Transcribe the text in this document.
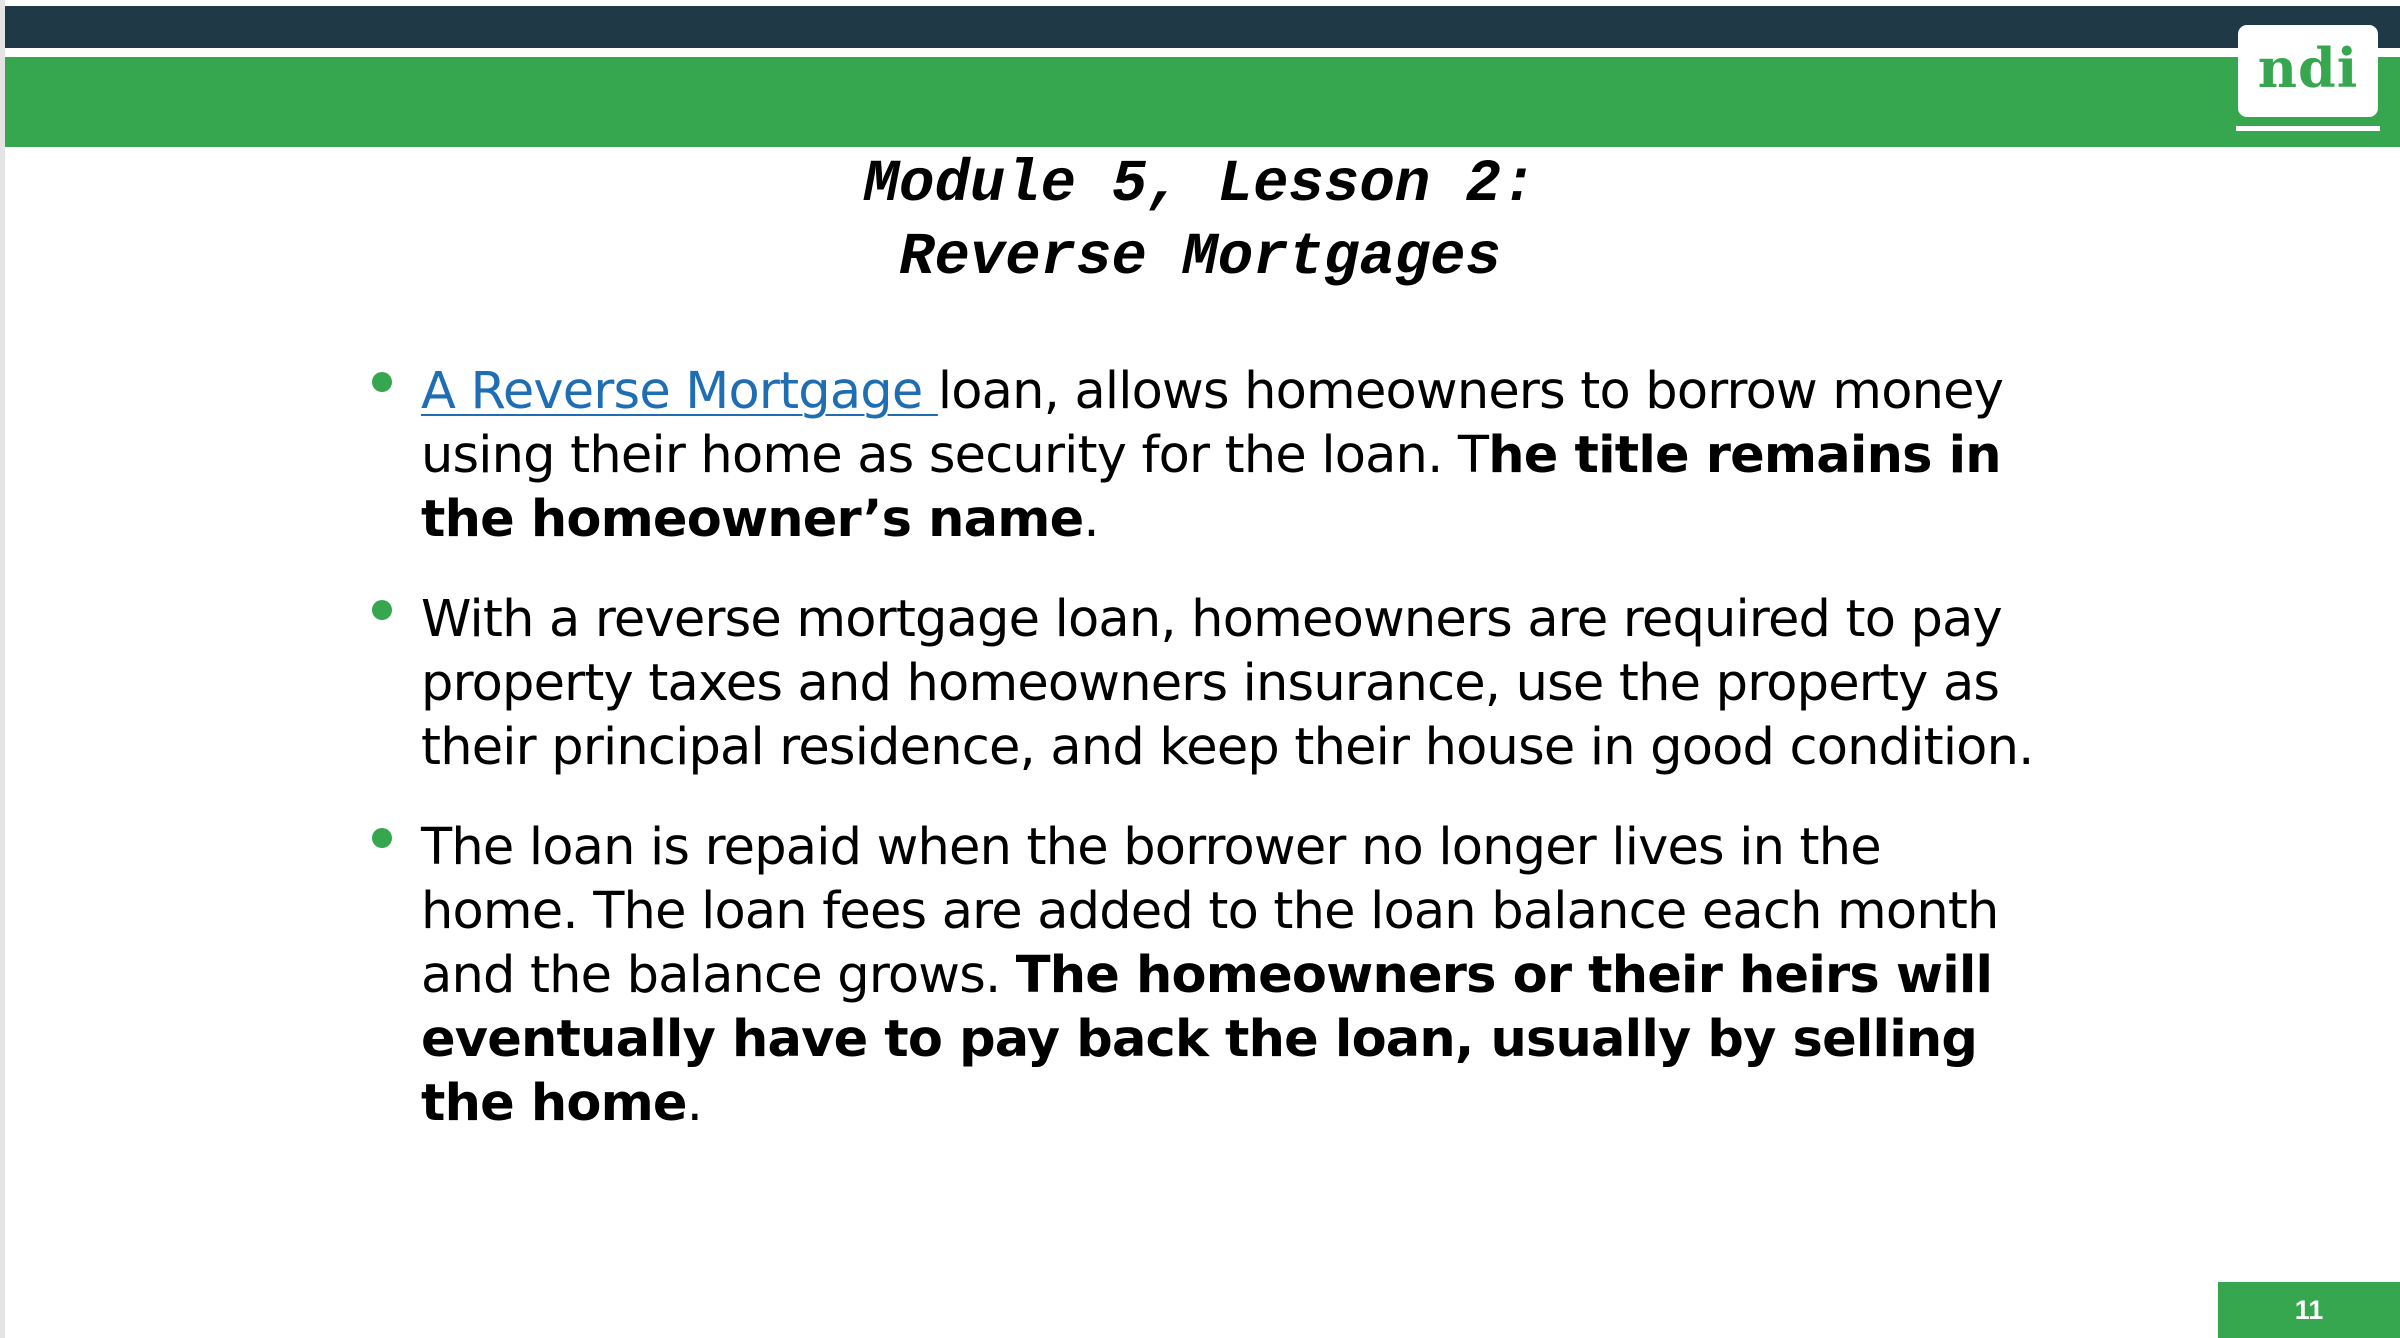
ndi
Module 5, Lesson 2:
Reverse Mortgages
A Reverse Mortgage loan, allows homeowners to borrow money using their home as security for the loan. The title remains in the homeowner’s name.
With a reverse mortgage loan, homeowners are required to pay property taxes and homeowners insurance, use the property as their principal residence, and keep their house in good condition.
The loan is repaid when the borrower no longer lives in the home. The loan fees are added to the loan balance each month and the balance grows. The homeowners or their heirs will eventually have to pay back the loan, usually by selling the home.
11
